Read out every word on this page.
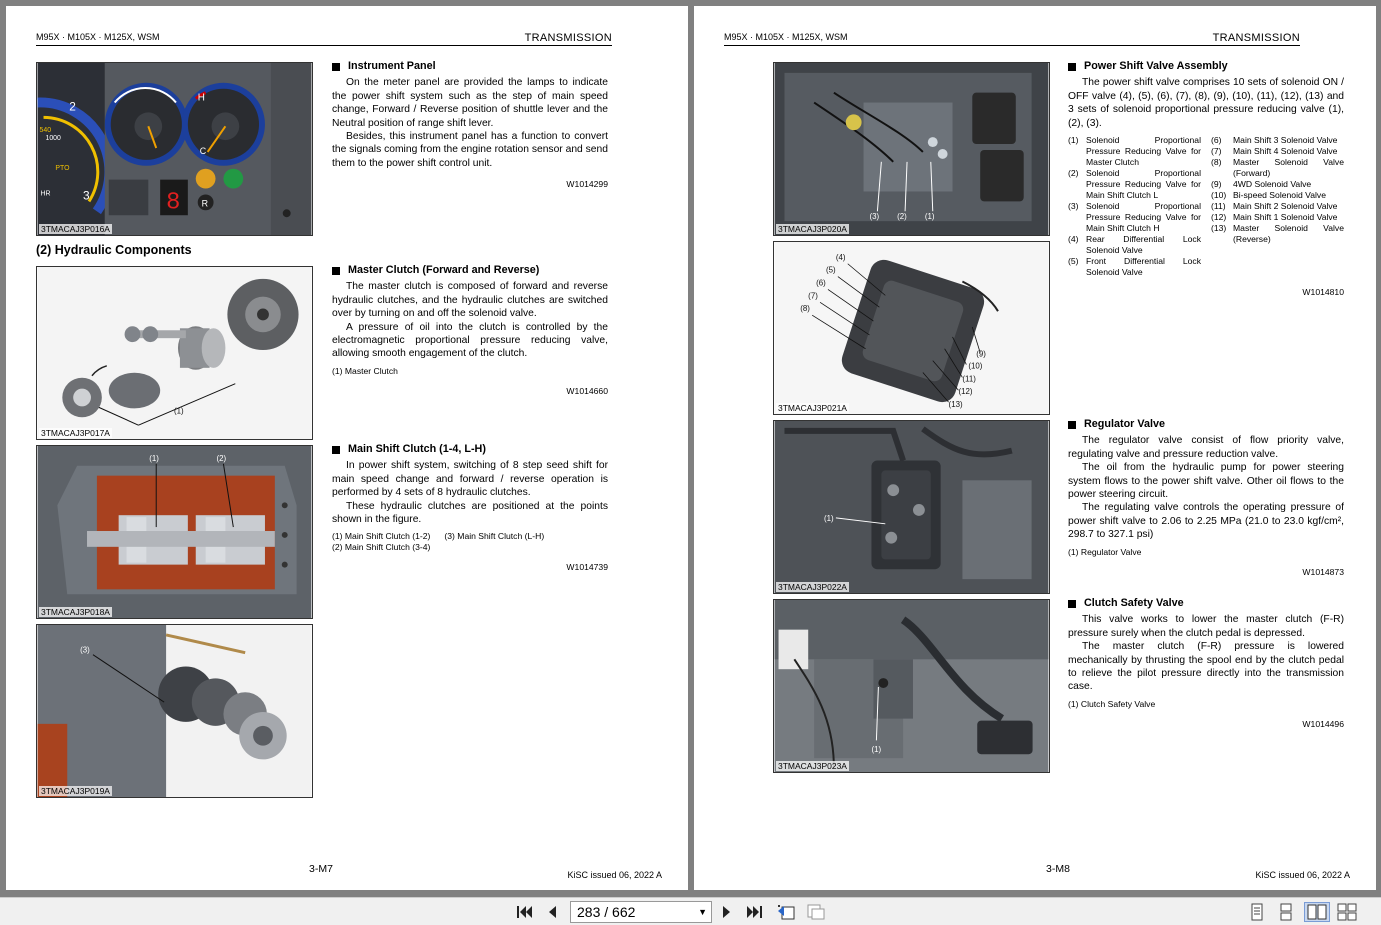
M95X · M105X · M125X, WSM	TRANSMISSION
2
3
540
1000
PTO
HR
H
C
8 R
3TMACAJ3P016A
Instrument Panel

On the meter panel are provided the lamps to indicate the power shift system such as the step of main speed change, Forward / Reverse position of shuttle lever and the Neutral position of range shift lever.

Besides, this instrument panel has a function to convert the signals coming from the engine rotation sensor and send them to the power shift control unit.

W1014299
(2) Hydraulic Components
(1)
3TMACAJ3P017A
Master Clutch (Forward and Reverse)

The master clutch is composed of forward and reverse hydraulic clutches, and the hydraulic clutches are switched over by turning on and off the solenoid valve.

A pressure of oil into the clutch is controlled by the electromagnetic proportional pressure reducing valve, allowing smooth engagement of the clutch.

(1) Master Clutch
W1014660
(1)	(2)
3TMACAJ3P018A
Main Shift Clutch (1-4, L-H)

In power shift system, switching of 8 step seed shift for main speed change and forward / reverse operation is performed by 4 sets of 8 hydraulic clutches.

These hydraulic clutches are positioned at the points shown in the figure.

(1) Main Shift Clutch (1-2)
(2) Main Shift Clutch (3-4)
(3) Main Shift Clutch (L-H)
W1014739
(3)
3TMACAJ3P019A
3-M7	KiSC issued 06, 2022 A
M95X · M105X · M125X, WSM	TRANSMISSION
(3) (2) (1)
3TMACAJ3P020A
(4)
(5)
(6)
(7)
(8)
(9)
(10)
(11)
(12)
(13)
3TMACAJ3P021A
Power Shift Valve Assembly

The power shift valve comprises 10 sets of solenoid ON / OFF valve (4), (5), (6), (7), (8), (9), (10), (11), (12), (13) and 3 sets of solenoid proportional pressure reducing valve (1), (2), (3).

(1) Solenoid Proportional Pressure Reducing Valve for Master Clutch
(2) Solenoid Proportional Pressure Reducing Valve for Main Shift Clutch L
(3) Solenoid Proportional Pressure Reducing Valve for Main Shift Clutch H
(4) Rear Differential Lock Solenoid Valve
(5) Front Differential Lock Solenoid Valve
(6)	Main Shift 3 Solenoid Valve
(7)	Main Shift 4 Solenoid Valve
(8)	Master Solenoid Valve (Forward)
(9)	4WD Solenoid Valve
(10) Bi-speed Solenoid Valve
(11) Main Shift 2 Solenoid Valve
(12) Main Shift 1 Solenoid Valve
(13) Master Solenoid Valve (Reverse)
W1014810
(1)
3TMACAJ3P022A
Regulator Valve

The regulator valve consist of flow priority valve, regulating valve and pressure reduction valve.

The oil from the hydraulic pump for power steering system flows to the power shift valve. Other oil flows to the power steering circuit.

The regulating valve controls the operating pressure of power shift valve to 2.06 to 2.25 MPa (21.0 to 23.0 kgf/cm², 298.7 to 327.1 psi)

(1) Regulator Valve
W1014873
(1)
3TMACAJ3P023A
Clutch Safety Valve

This valve works to lower the master clutch (F-R) pressure surely when the clutch pedal is depressed.

The master clutch (F-R) pressure is lowered mechanically by thrusting the spool end by the clutch pedal to relieve the pilot pressure directly into the transmission case.

(1) Clutch Safety Valve
W1014496
3-M8	KiSC issued 06, 2022 A
283 / 662	▼
